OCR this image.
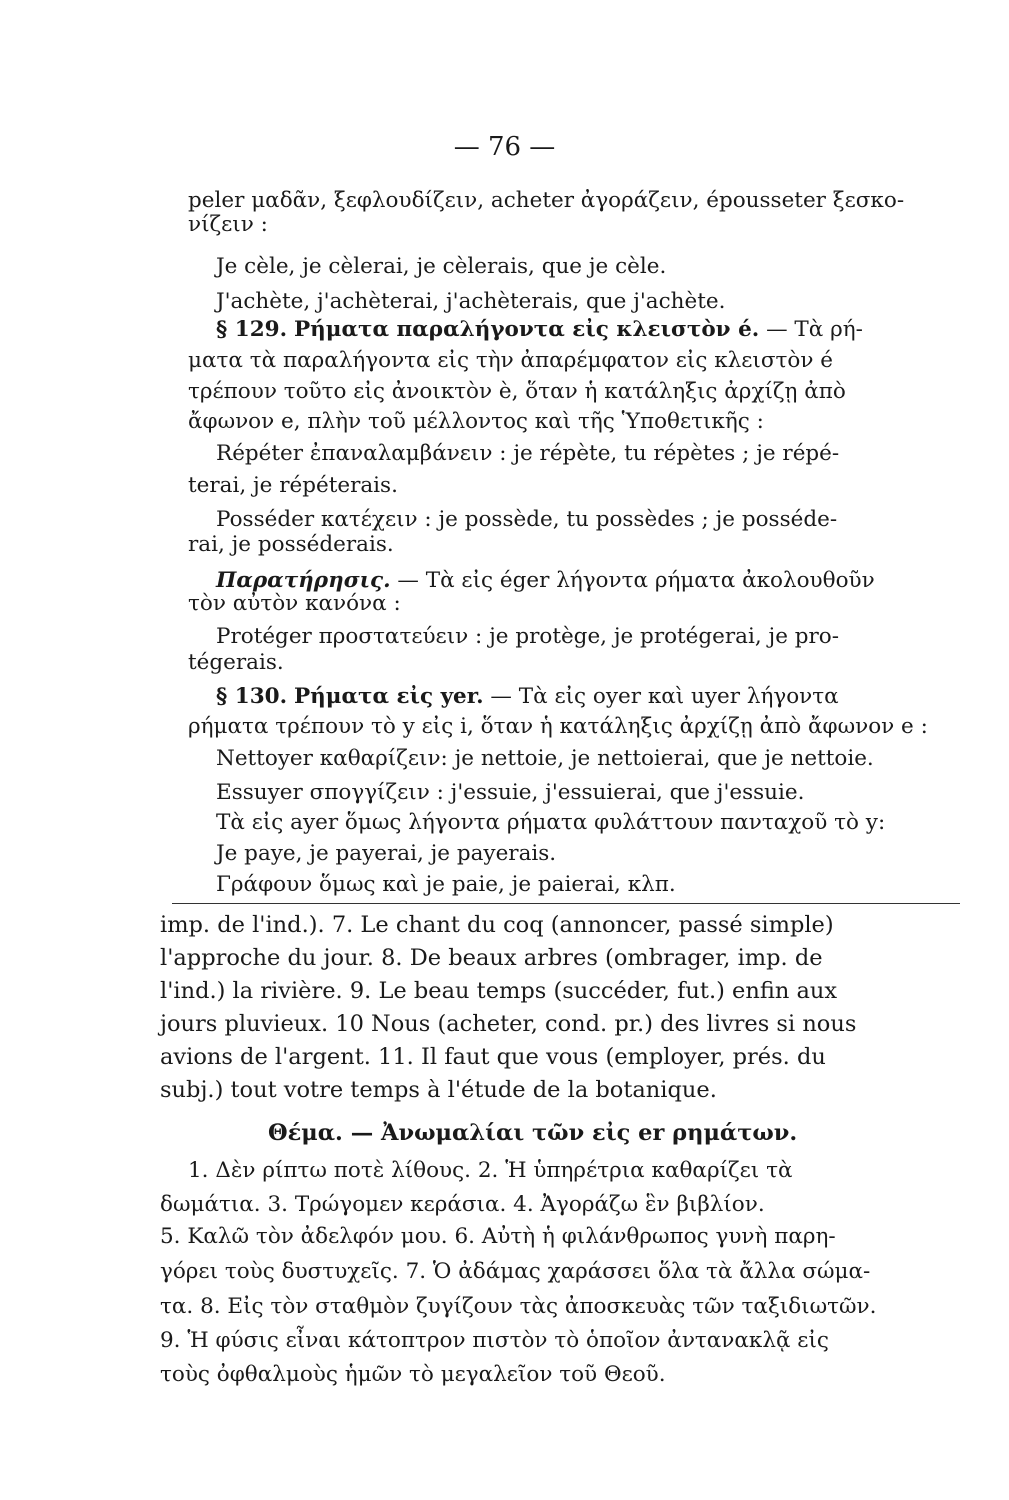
— 76 —
peler μαδᾶν, ξεφλουδίζειν, acheter ἀγοράζειν, épousseter ξεσκο-
νίζειν :
Je cèle, je cèlerai, je cèlerais, que je cèle.
J'achète, j'achèterai, j'achèterais, que j'achète.
§ 129. Ρήματα παραλήγοντα εἰς κλειστὸν é. — Τὰ ρή-
ματα τὰ παραλήγοντα εἰς τὴν ἀπαρέμφατον εἰς κλειστὸν é
τρέπουν τοῦτο εἰς ἀνοικτὸν è, ὅταν ἡ κατάληξις ἀρχίζῃ ἀπὸ
ἄφωνον e, πλὴν τοῦ μέλλοντος καὶ τῆς Ὑποθετικῆς :
Répéter ἐπαναλαμβάνειν : je répète, tu répètes ; je répé-
terai, je répéterais.
Posséder κατέχειν : je possède, tu possèdes ; je posséde-
rai, je posséderais.
Παρατήρησις. — Τὰ εἰς éger λήγοντα ρήματα ἀκολουθοῦν
τὸν αὐτὸν κανόνα :
Protéger προστατεύειν : je protège, je protégerai, je pro-
tégerais.
§ 130. Ρήματα εἰς yer. — Τὰ εἰς oyer καὶ uyer λήγοντα
ρήματα τρέπουν τὸ y εἰς i, ὅταν ἡ κατάληξις ἀρχίζῃ ἀπὸ ἄφωνον e :
Nettoyer καθαρίζειν: je nettoie, je nettoierai, que je nettoie.
Essuyer σπογγίζειν : j'essuie, j'essuierai, que j'essuie.
Τὰ εἰς ayer ὅμως λήγοντα ρήματα φυλάττουν πανταχοῦ τὸ y:
Je paye, je payerai, je payerais.
Γράφουν ὅμως καὶ je paie, je paierai, κλπ.
imp. de l'ind.). 7. Le chant du coq (annoncer, passé simple)
l'approche du jour. 8. De beaux arbres (ombrager, imp. de
l'ind.) la rivière. 9. Le beau temps (succéder, fut.) enfin aux
jours pluvieux. 10 Nous (acheter, cond. pr.) des livres si nous
avions de l'argent. 11. Il faut que vous (employer, prés. du
subj.) tout votre temps à l'étude de la botanique.
Θέμα. — Ἀνωμαλίαι τῶν εἰς er ρημάτων.
1. Δὲν ρίπτω ποτὲ λίθους. 2. Ἡ ὑπηρέτρια καθαρίζει τὰ
δωμάτια. 3. Τρώγομεν κεράσια. 4. Ἀγοράζω ἓν βιβλίον.
5. Καλῶ τὸν ἀδελφόν μου. 6. Αὐτὴ ἡ φιλάνθρωπος γυνὴ παρη-
γόρει τοὺς δυστυχεῖς. 7. Ὁ ἀδάμας χαράσσει ὅλα τὰ ἄλλα σώμα-
τα. 8. Εἰς τὸν σταθμὸν ζυγίζουν τὰς ἀποσκευὰς τῶν ταξιδιωτῶν.
9. Ἡ φύσις εἶναι κάτοπτρον πιστὸν τὸ ὁποῖον ἀντανακλᾷ εἰς
τοὺς ὀφθαλμοὺς ἡμῶν τὸ μεγαλεῖον τοῦ Θεοῦ.
